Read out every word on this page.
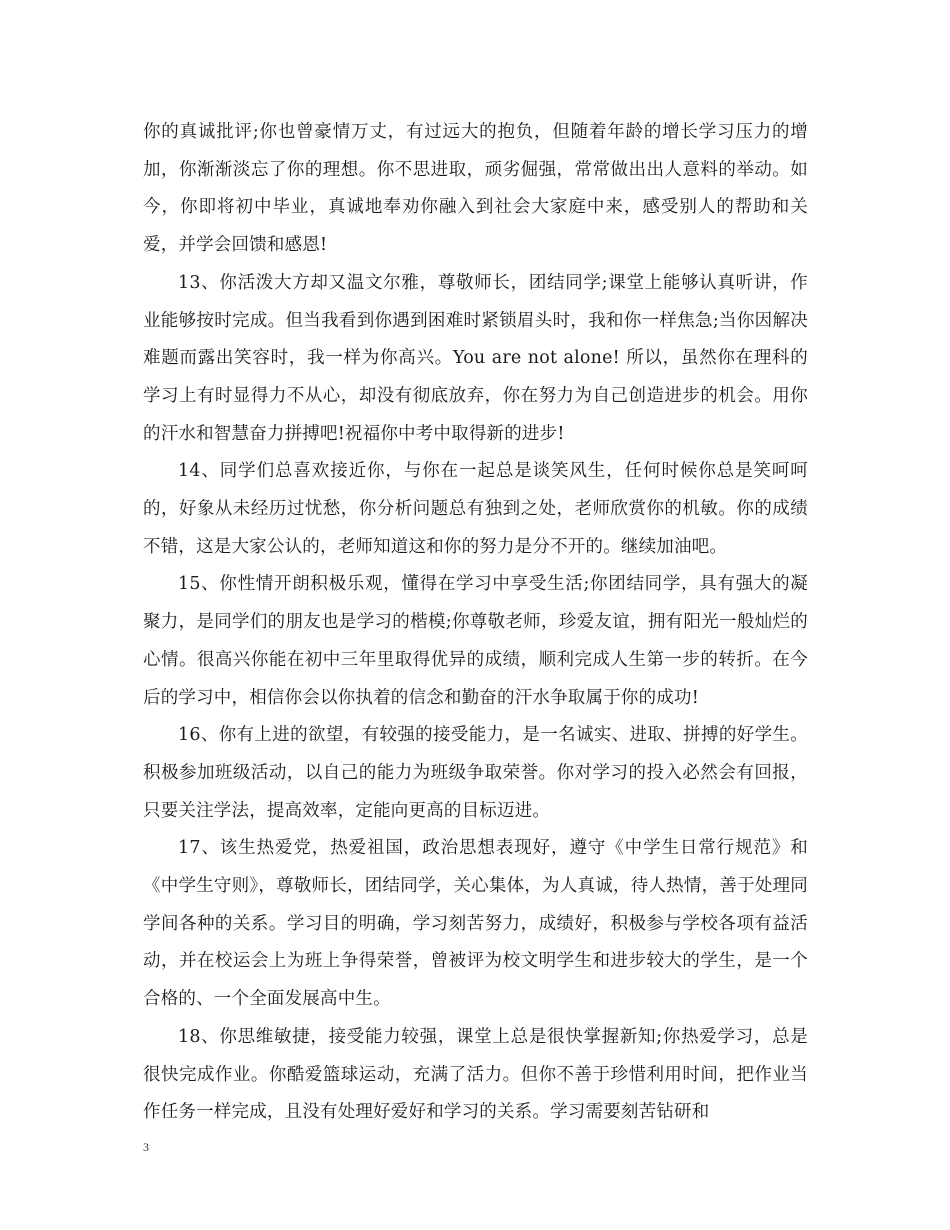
你的真诚批评;你也曾豪情万丈，有过远大的抱负，但随着年龄的增长学习压力的增加，你渐渐淡忘了你的理想。你不思进取，顽劣倔强，常常做出出人意料的举动。如今，你即将初中毕业，真诚地奉劝你融入到社会大家庭中来，感受别人的帮助和关爱，并学会回馈和感恩!

13、你活泼大方却又温文尔雅，尊敬师长，团结同学;课堂上能够认真听讲，作业能够按时完成。但当我看到你遇到困难时紧锁眉头时，我和你一样焦急;当你因解决难题而露出笑容时，我一样为你高兴。You are not alone! 所以，虽然你在理科的学习上有时显得力不从心，却没有彻底放弃，你在努力为自己创造进步的机会。用你的汗水和智慧奋力拼搏吧!祝福你中考中取得新的进步!

14、同学们总喜欢接近你，与你在一起总是谈笑风生，任何时候你总是笑呵呵的，好象从未经历过忧愁，你分析问题总有独到之处，老师欣赏你的机敏。你的成绩不错，这是大家公认的，老师知道这和你的努力是分不开的。继续加油吧。

15、你性情开朗积极乐观，懂得在学习中享受生活;你团结同学，具有强大的凝聚力，是同学们的朋友也是学习的楷模;你尊敬老师，珍爱友谊，拥有阳光一般灿烂的心情。很高兴你能在初中三年里取得优异的成绩，顺利完成人生第一步的转折。在今后的学习中，相信你会以你执着的信念和勤奋的汗水争取属于你的成功!

16、你有上进的欲望，有较强的接受能力，是一名诚实、进取、拼搏的好学生。积极参加班级活动，以自己的能力为班级争取荣誉。你对学习的投入必然会有回报，只要关注学法，提高效率，定能向更高的目标迈进。

17、该生热爱党，热爱祖国，政治思想表现好，遵守《中学生日常行规范》和《中学生守则》，尊敬师长，团结同学，关心集体，为人真诚，待人热情，善于处理同学间各种的关系。学习目的明确，学习刻苦努力，成绩好，积极参与学校各项有益活动，并在校运会上为班上争得荣誉，曾被评为校文明学生和进步较大的学生，是一个合格的、一个全面发展高中生。

18、你思维敏捷，接受能力较强，课堂上总是很快掌握新知;你热爱学习，总是很快完成作业。你酷爱篮球运动，充满了活力。但你不善于珍惜利用时间，把作业当作任务一样完成，且没有处理好爱好和学习的关系。学习需要刻苦钻研和

3
